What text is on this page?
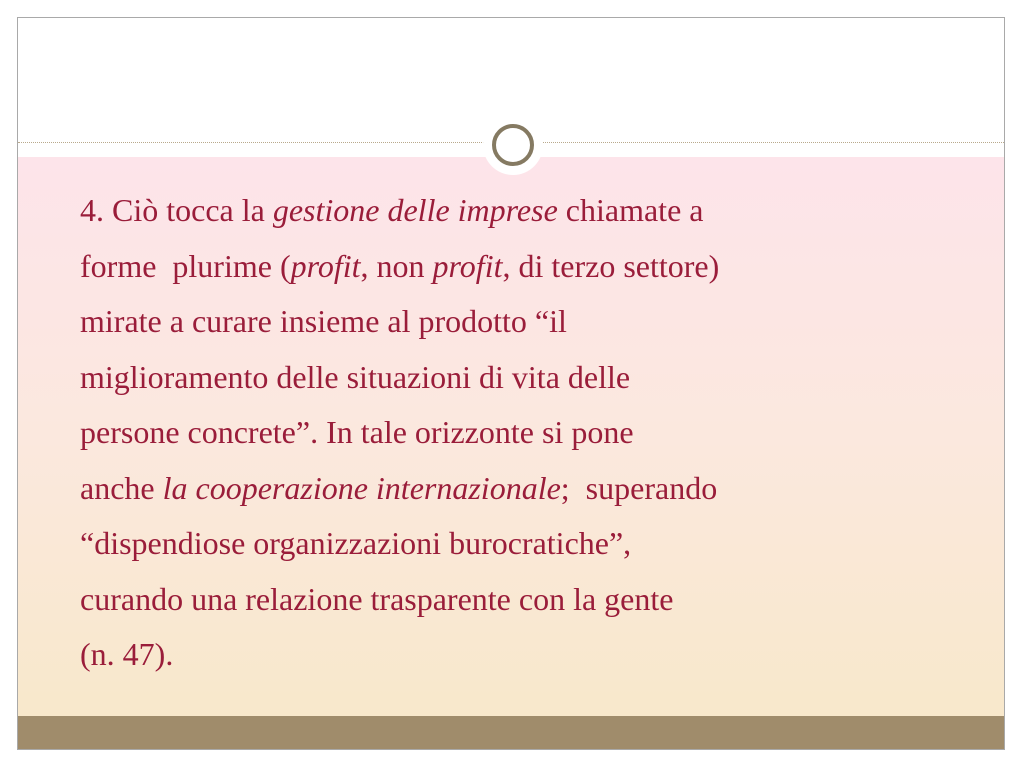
4. Ciò tocca la gestione delle imprese chiamate a
forme  plurime (profit, non profit, di terzo settore)
mirate a curare insieme al prodotto “il
miglioramento delle situazioni di vita delle
persone concrete”. In tale orizzonte si pone
anche la cooperazione internazionale;  superando
“dispendiose organizzazioni burocratiche”,
curando una relazione trasparente con la gente
(n. 47).
